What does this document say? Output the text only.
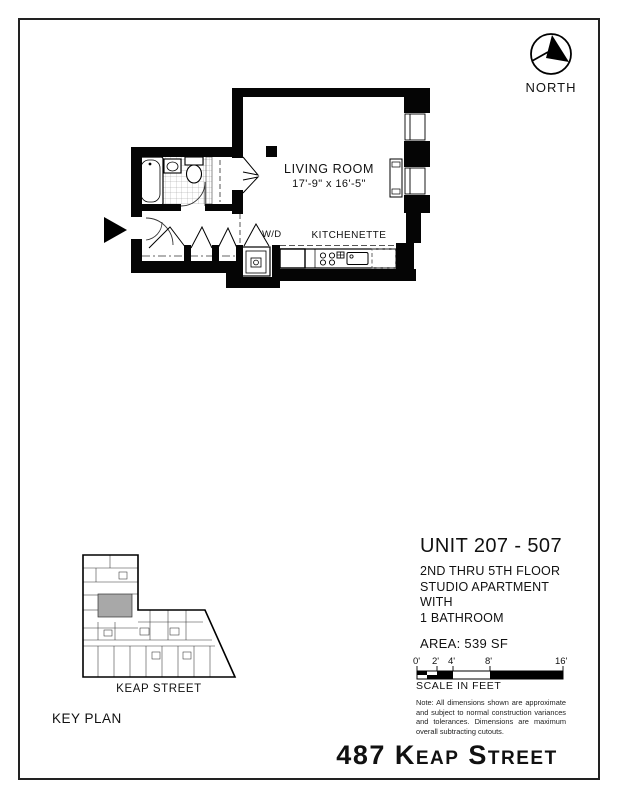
NORTH
LIVING ROOM
17'-9" x 16'-5"
W/D	KITCHENETTE
UNIT 207 - 507
2ND THRU 5TH FLOOR
STUDIO APARTMENT WITH
1 BATHROOM
AREA: 539 SF
0' 2' 4'	8'	16'
SCALE IN FEET
Note: All dimensions shown are approximate
and subject to normal construction variances
and tolerances. Dimensions are maximum
overall subtracting cutouts.
KEAP STREET
KEY PLAN
487 Keap Street
